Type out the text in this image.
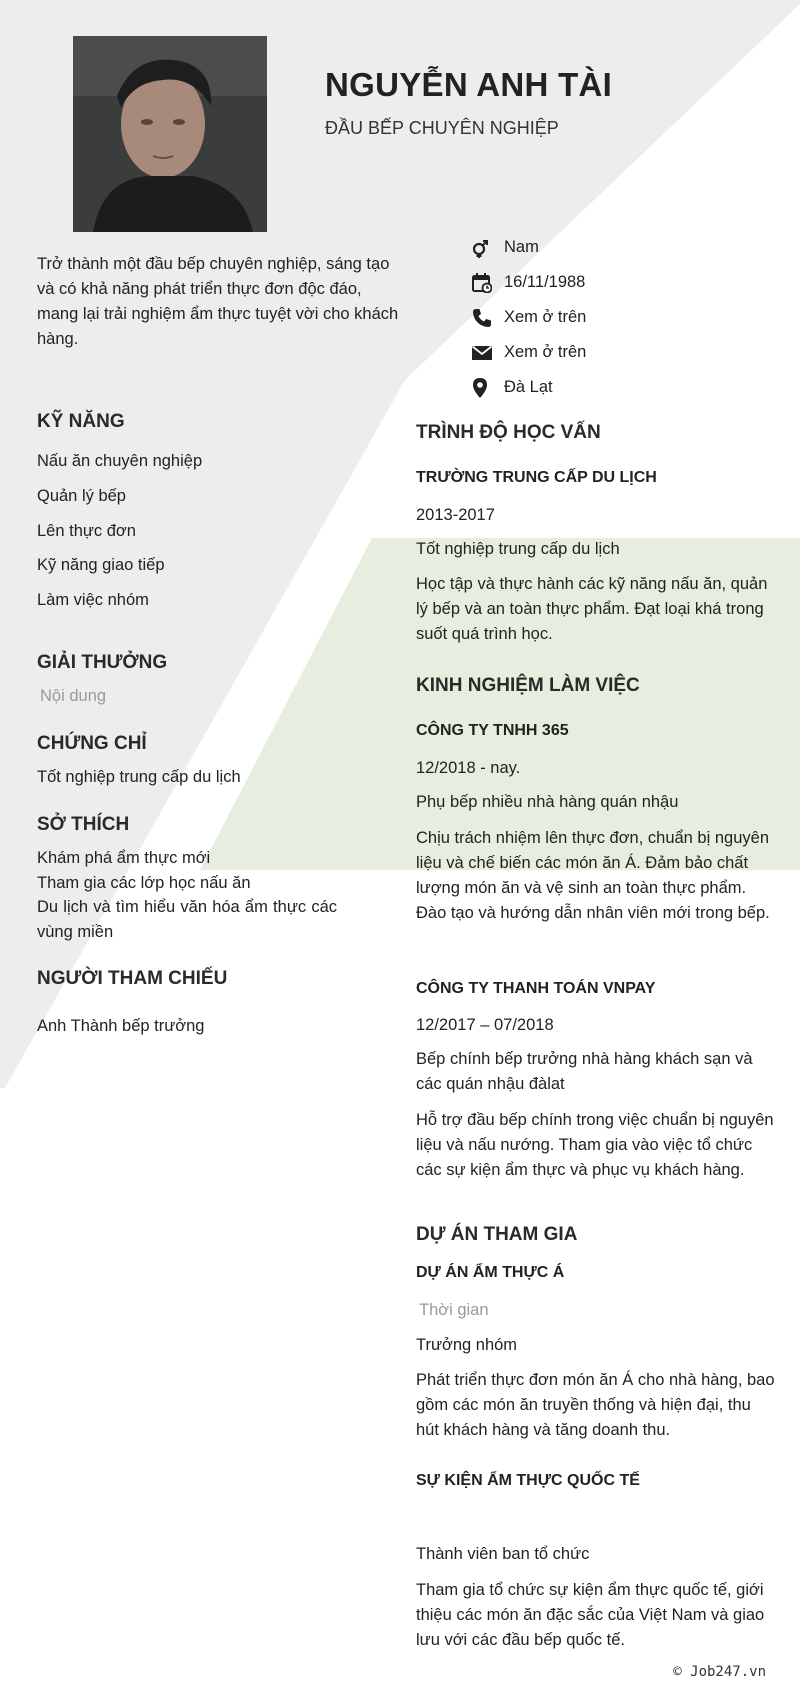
NGUYỄN ANH TÀI
ĐẦU BẾP CHUYÊN NGHIỆP
Trở thành một đầu bếp chuyên nghiệp, sáng tạo và có khả năng phát triển thực đơn độc đáo, mang lại trải nghiệm ẩm thực tuyệt vời cho khách hàng.
Nam
16/11/1988
Xem ở trên
Xem ở trên
Đà Lạt
KỸ NĂNG
Nấu ăn chuyên nghiệp
Quản lý bếp
Lên thực đơn
Kỹ năng giao tiếp
Làm việc nhóm
GIẢI THƯỞNG
Nội dung
CHỨNG CHỈ
Tốt nghiệp trung cấp du lịch
SỞ THÍCH
Khám phá ẩm thực mới
Tham gia các lớp học nấu ăn
Du lịch và tìm hiểu văn hóa ẩm thực các vùng miền
NGƯỜI THAM CHIẾU
Anh Thành bếp trưởng
TRÌNH ĐỘ HỌC VẤN
TRƯỜNG TRUNG CẤP DU LỊCH
2013-2017
Tốt nghiệp trung cấp du lịch
Học tập và thực hành các kỹ năng nấu ăn, quản lý bếp và an toàn thực phẩm. Đạt loại khá trong suốt quá trình học.
KINH NGHIỆM LÀM VIỆC
CÔNG TY TNHH 365
12/2018 - nay.
Phụ bếp nhiều nhà hàng quán nhậu
Chịu trách nhiệm lên thực đơn, chuẩn bị nguyên liệu và chế biến các món ăn Á. Đảm bảo chất lượng món ăn và vệ sinh an toàn thực phẩm. Đào tạo và hướng dẫn nhân viên mới trong bếp.
CÔNG TY THANH TOÁN VNPAY
12/2017 – 07/2018
Bếp chính bếp trưởng nhà hàng khách sạn và các quán nhậu đàlat
Hỗ trợ đầu bếp chính trong việc chuẩn bị nguyên liệu và nấu nướng. Tham gia vào việc tổ chức các sự kiện ẩm thực và phục vụ khách hàng.
DỰ ÁN THAM GIA
DỰ ÁN ẨM THỰC Á
Thời gian
Trưởng nhóm
Phát triển thực đơn món ăn Á cho nhà hàng, bao gồm các món ăn truyền thống và hiện đại, thu hút khách hàng và tăng doanh thu.
SỰ KIỆN ẨM THỰC QUỐC TẾ
Thành viên ban tổ chức
Tham gia tổ chức sự kiện ẩm thực quốc tế, giới thiệu các món ăn đặc sắc của Việt Nam và giao lưu với các đầu bếp quốc tế.
© Job247.vn
